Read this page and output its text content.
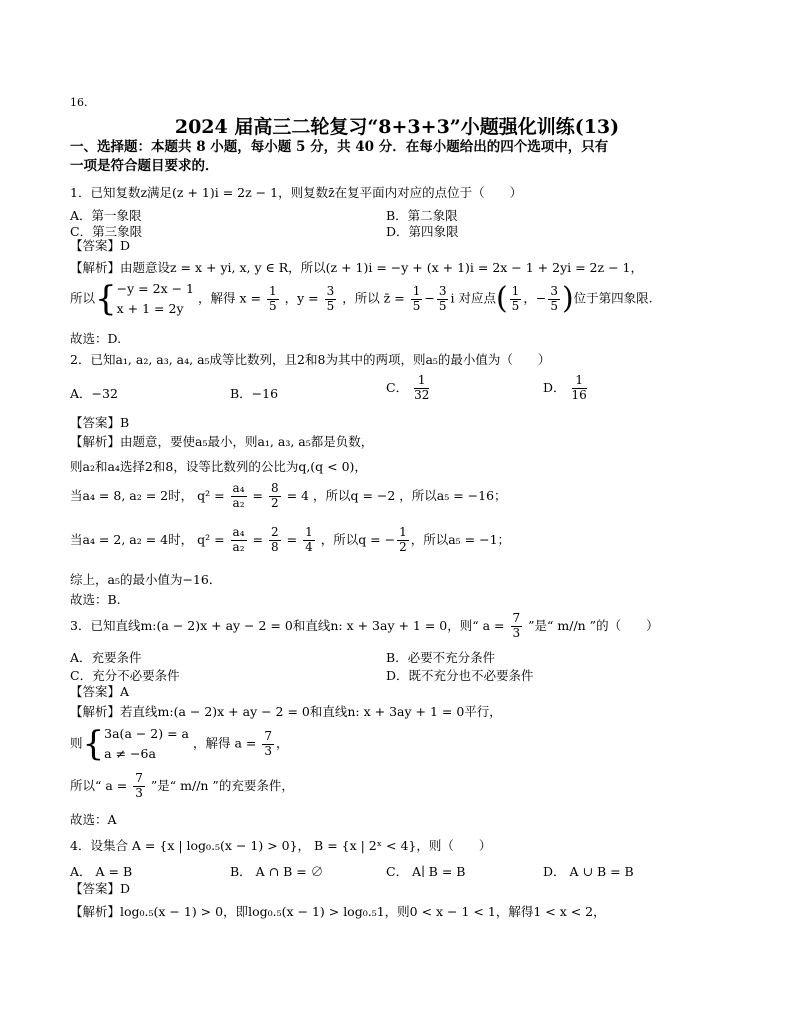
16.
2024 届高三二轮复习“8+3+3”小题强化训练(13)
一、选择题：本题共 8 小题，每小题 5 分，共 40 分．在每小题给出的四个选项中，只有
一项是符合题目要求的．
1．已知复数z满足(z + 1)i = 2z − 1，则复数z̄在复平面内对应的点位于（　　）
A．第一象限	B．第二象限
C．第三象限	D．第四象限
【答案】D
【解析】由题意设z = x + yi, x, y ∈ R，所以(z + 1)i = −y + (x + 1)i = 2x − 1 + 2yi = 2z − 1，
所以{ −y = 2x − 1
x + 1 = 2y
，解得 $x = \frac{1}{5}$ ，$y = \frac{3}{5}$ ，所以 z̄ = $\frac{1}{5} - \frac{3}{5}$ i 对应点( $\frac{1}{5}$ ，− $\frac{3}{5}$ )位于第四象限.
故选：D.
2．已知a₁, a₂, a₃, a₄, a₅成等比数列，且2和8为其中的两项，则a₅的最小值为（　　）
A．−32	B．−16	C． $\frac{1}{32}$	D． $\frac{1}{16}$
【答案】B
【解析】由题意，要使a₅最小，则a₁, a₃, a₅都是负数，
则a₂和a₄选择2和8，设等比数列的公比为q,(q < 0)，
当a₄ = 8, a₂ = 2时， $q^2 = \frac{\text{a₄}}{\text{a₂}} = \frac{8}{2} = 4$ ，所以q = −2 ，所以a₅ = −16；
当a₄ = 2, a₂ = 4时， $q^2 = \frac{\text{a₄}}{\text{a₂}} = \frac{2}{8} = \frac{1}{4}$ ，所以q = − $\frac{1}{2}$ ，所以a₅ = −1；
综上，a₅的最小值为−16．
故选：B.
3．已知直线m:(a − 2)x + ay − 2 = 0和直线n: x + 3ay + 1 = 0，则“ $a = \frac{7}{3}$ ”是“ m//n ”的（　　）
A．充要条件	B．必要不充分条件
C．充分不必要条件	D．既不充分也不必要条件
【答案】A
【解析】若直线m:(a − 2)x + ay − 2 = 0和直线n: x + 3ay + 1 = 0平行，
则{ 3a(a − 2) = a
a ≠ −6a
，解得 $a = \frac{7}{3}$ ，
所以“ $a = \frac{7}{3}$ ”是“ m//n ”的充要条件，
故选：A
4．设集合 A = {x | log₀.₅(x − 1) > 0}， B = {x | 2ˣ < 4}，则（　　）
A． A = B	B． A ∩ B = ∅	C． A∣ B = B	D． A ∪ B = B
【答案】D
【解析】log₀.₅(x − 1) > 0，即log₀.₅(x − 1) > log₀.₅1，则0 < x − 1 < 1，解得1 < x < 2，
